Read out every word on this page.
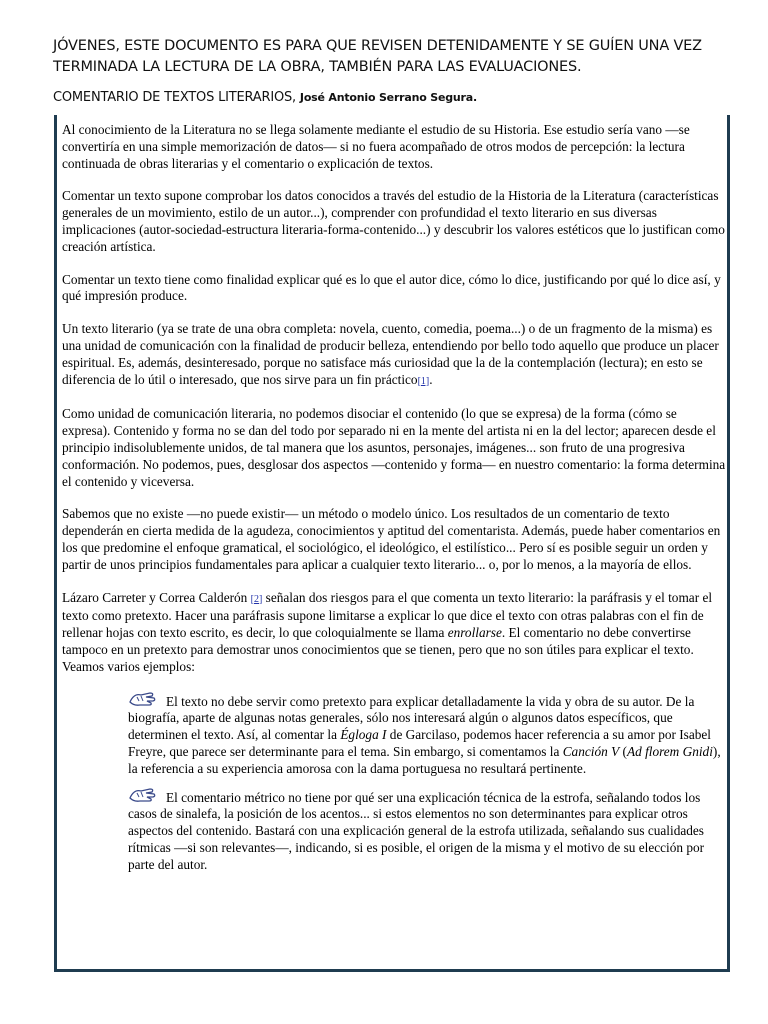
JÓVENES, ESTE DOCUMENTO ES PARA QUE REVISEN DETENIDAMENTE Y SE GUÍEN UNA VEZ
TERMINADA LA LECTURA DE LA OBRA, TAMBIÉN PARA LAS EVALUACIONES.
COMENTARIO DE TEXTOS LITERARIOS, José Antonio Serrano Segura.

Al conocimiento de la Literatura no se llega solamente mediante el estudio de su Historia. Ese estudio sería vano —se convertiría en una simple memorización de datos— si no fuera acompañado de otros modos de percepción: la lectura continuada de obras literarias y el comentario o explicación de textos.

Comentar un texto supone comprobar los datos conocidos a través del estudio de la Historia de la Literatura (características generales de un movimiento, estilo de un autor...), comprender con profundidad el texto literario en sus diversas implicaciones (autor-sociedad-estructura literaria-forma-contenido...) y descubrir los valores estéticos que lo justifican como creación artística.

Comentar un texto tiene como finalidad explicar qué es lo que el autor dice, cómo lo dice, justificando por qué lo dice así, y qué impresión produce.

Un texto literario (ya se trate de una obra completa: novela, cuento, comedia, poema...) o de un fragmento de la misma) es una unidad de comunicación con la finalidad de producir belleza, entendiendo por bello todo aquello que produce un placer espiritual. Es, además, desinteresado, porque no satisface más curiosidad que la de la contemplación (lectura); en esto se diferencia de lo útil o interesado, que nos sirve para un fin práctico[1].

Como unidad de comunicación literaria, no podemos disociar el contenido (lo que se expresa) de la forma (cómo se expresa). Contenido y forma no se dan del todo por separado ni en la mente del artista ni en la del lector; aparecen desde el principio indisolublemente unidos, de tal manera que los asuntos, personajes, imágenes... son fruto de una progresiva conformación. No podemos, pues, desglosar dos aspectos —contenido y forma— en nuestro comentario: la forma determina el contenido y viceversa.

Sabemos que no existe —no puede existir— un método o modelo único. Los resultados de un comentario de texto dependerán en cierta medida de la agudeza, conocimientos y aptitud del comentarista. Además, puede haber comentarios en los que predomine el enfoque gramatical, el sociológico, el ideológico, el estilístico... Pero sí es posible seguir un orden y partir de unos principios fundamentales para aplicar a cualquier texto literario... o, por lo menos, a la mayoría de ellos.

Lázaro Carreter y Correa Calderón [2] señalan dos riesgos para el que comenta un texto literario: la paráfrasis y el tomar el texto como pretexto. Hacer una paráfrasis supone limitarse a explicar lo que dice el texto con otras palabras con el fin de rellenar hojas con texto escrito, es decir, lo que coloquialmente se llama enrollarse. El comentario no debe convertirse tampoco en un pretexto para demostrar unos conocimientos que se tienen, pero que no son útiles para explicar el texto. Veamos varios ejemplos:

El texto no debe servir como pretexto para explicar detalladamente la vida y obra de su autor. De la biografía, aparte de algunas notas generales, sólo nos interesará algún o algunos datos específicos, que determinen el texto. Así, al comentar la Égloga I de Garcilaso, podemos hacer referencia a su amor por Isabel Freyre, que parece ser determinante para el tema. Sin embargo, si comentamos la Canción V (Ad florem Gnidi), la referencia a su experiencia amorosa con la dama portuguesa no resultará pertinente.

El comentario métrico no tiene por qué ser una explicación técnica de la estrofa, señalando todos los casos de sinalefa, la posición de los acentos... si estos elementos no son determinantes para explicar otros aspectos del contenido. Bastará con una explicación general de la estrofa utilizada, señalando sus cualidades rítmicas —si son relevantes—, indicando, si es posible, el origen de la misma y el motivo de su elección por parte del autor.
